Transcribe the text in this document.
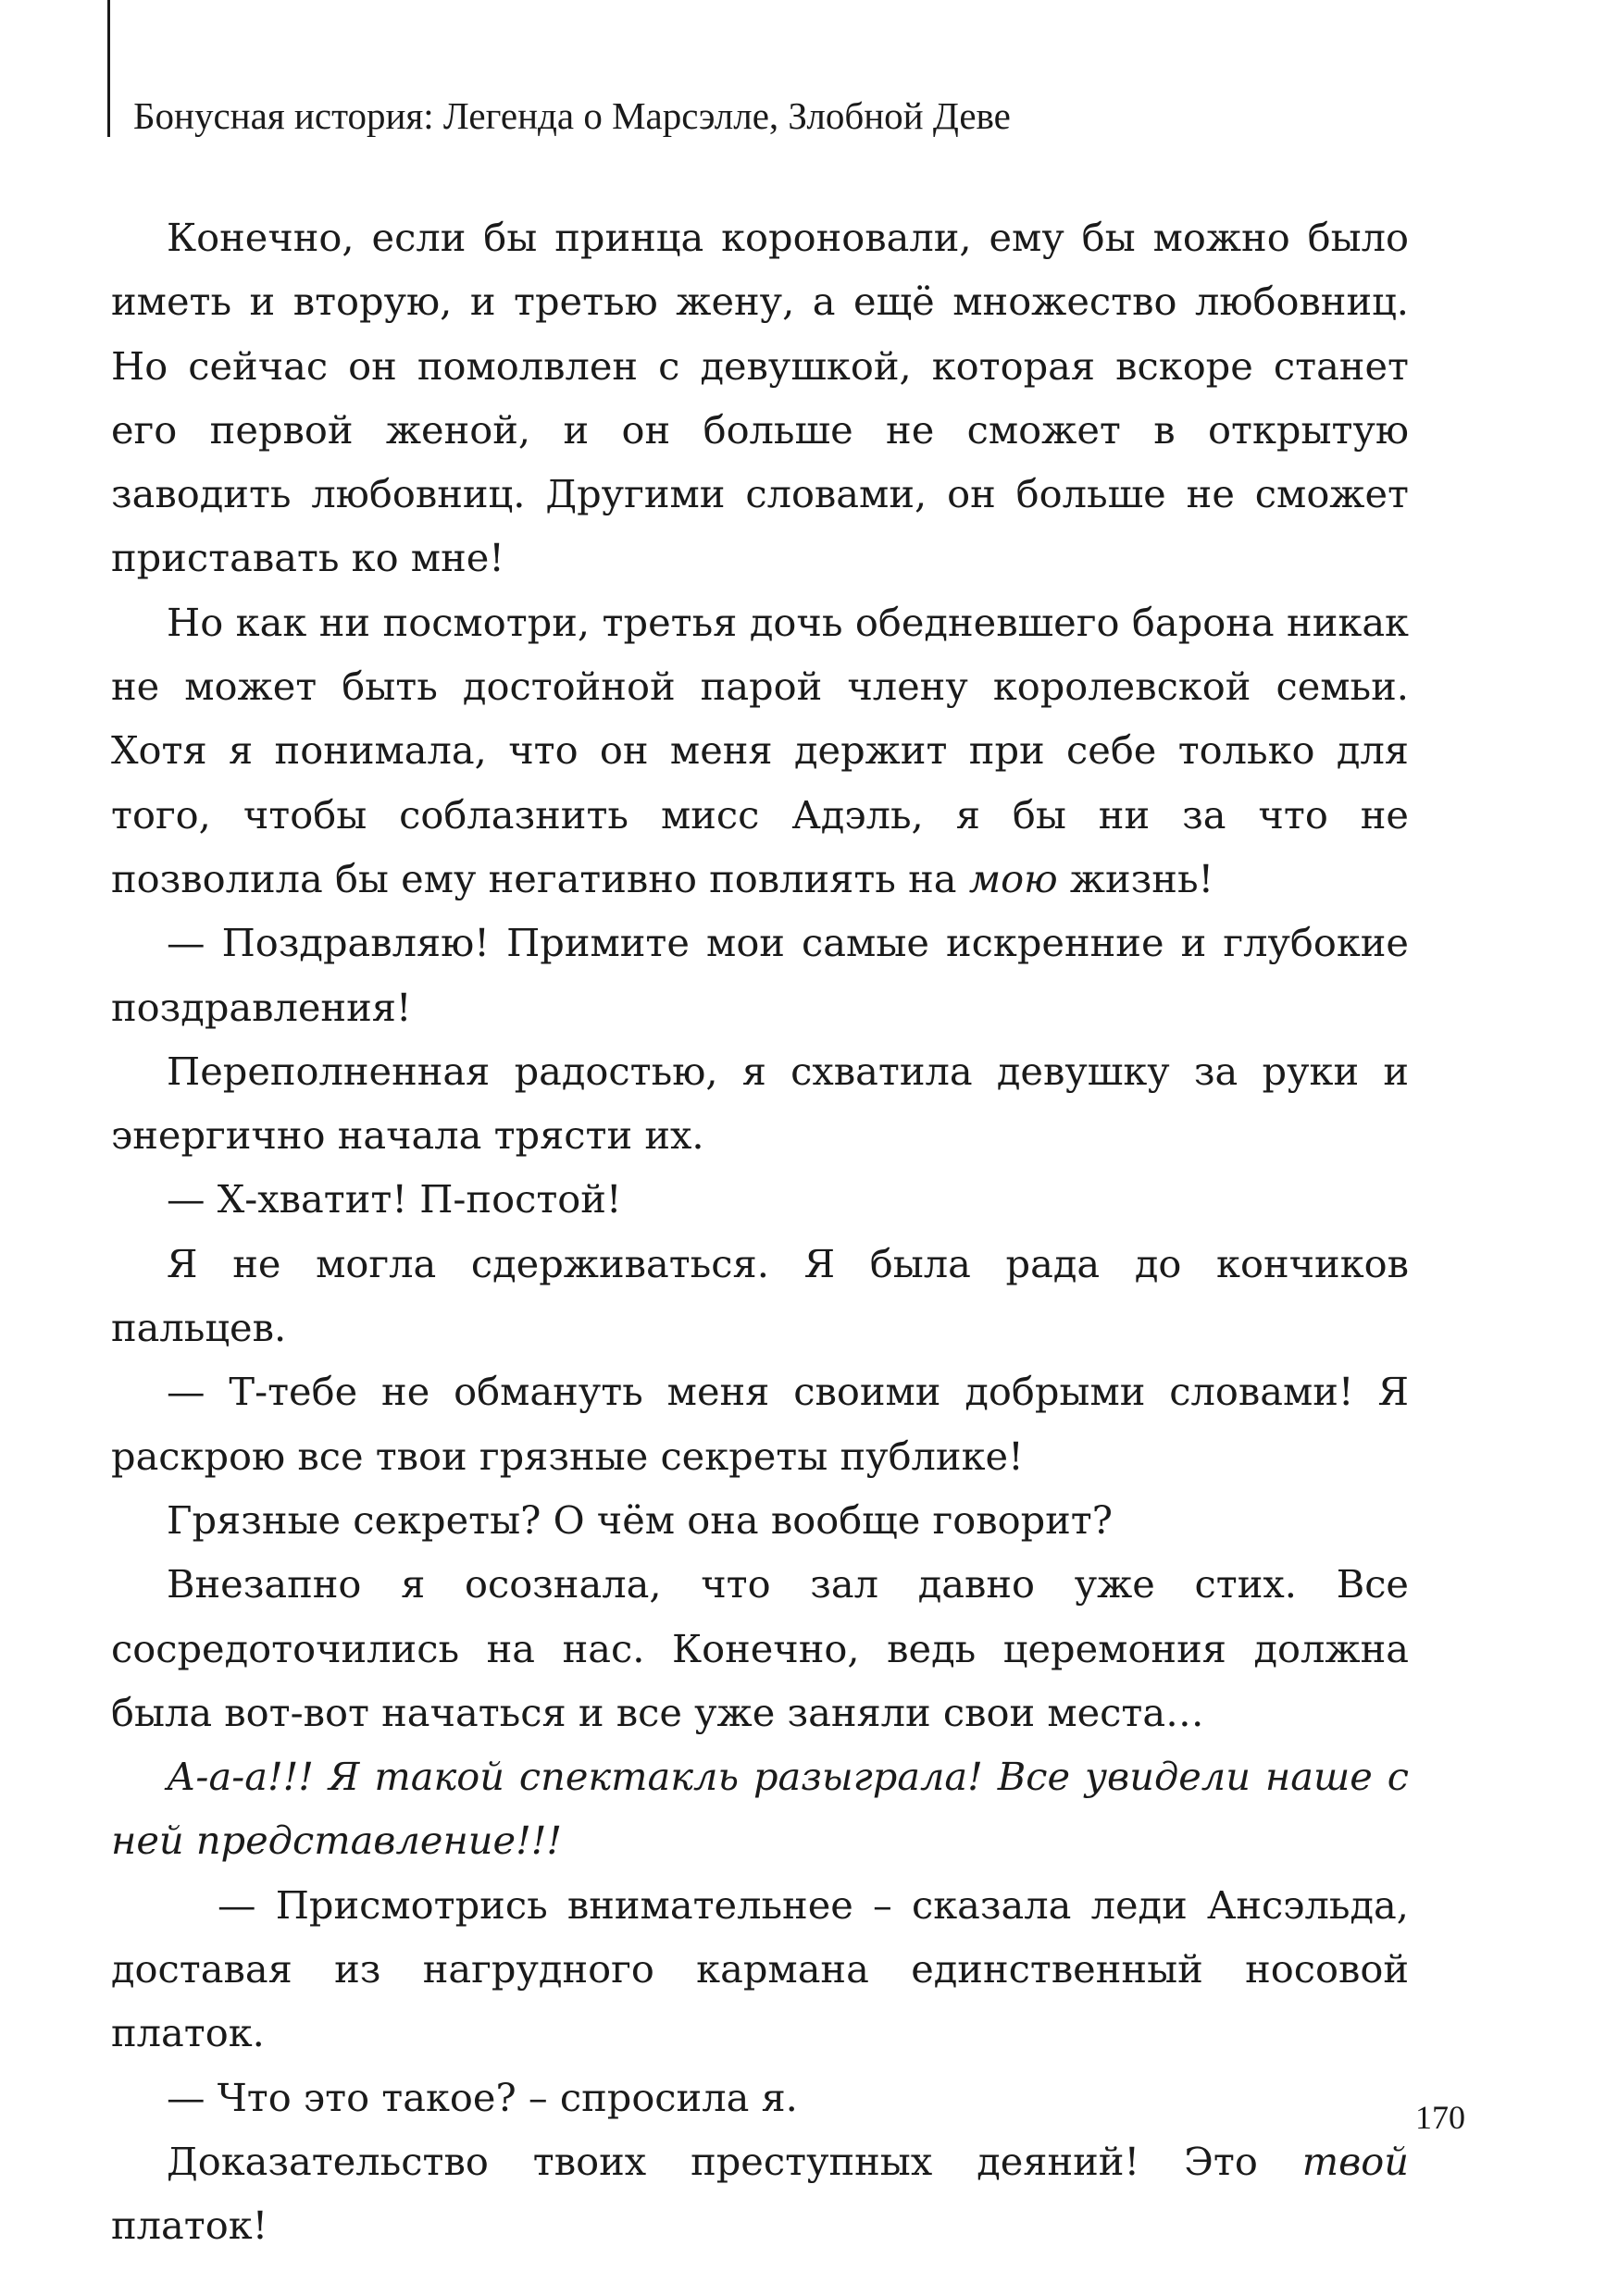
Бонусная история: Легенда о Марсэлле, Злобной Деве

Конечно, если бы принца короновали, ему бы можно было иметь и вторую, и третью жену, а ещё множество любовниц. Но сейчас он помолвлен с девушкой, которая вскоре станет его первой женой, и он больше не сможет в открытую заводить любовниц. Другими словами, он больше не сможет приставать ко мне!

Но как ни посмотри, третья дочь обедневшего барона никак не может быть достойной парой члену королевской семьи. Хотя я понимала, что он меня держит при себе только для того, чтобы соблазнить мисс Адэль, я бы ни за что не позволила бы ему негативно повлиять на мою жизнь!

— Поздравляю! Примите мои самые искренние и глубокие поздравления!

Переполненная радостью, я схватила девушку за руки и энергично начала трясти их.

— Х-хватит! П-постой!

Я не могла сдерживаться. Я была рада до кончиков пальцев.

— Т-тебе не обмануть меня своими добрыми словами! Я раскрою все твои грязные секреты публике!

Грязные секреты? О чём она вообще говорит?

Внезапно я осознала, что зал давно уже стих. Все сосредоточились на нас. Конечно, ведь церемония должна была вот-вот начаться и все уже заняли свои места…

А-а-а!!! Я такой спектакль разыграла! Все увидели наше с ней представление!!!

— Присмотрись внимательнее – сказала леди Ансэльда, доставая из нагрудного кармана единственный носовой платок.

— Что это такое? – спросила я.

Доказательство твоих преступных деяний! Это твой платок!

170
